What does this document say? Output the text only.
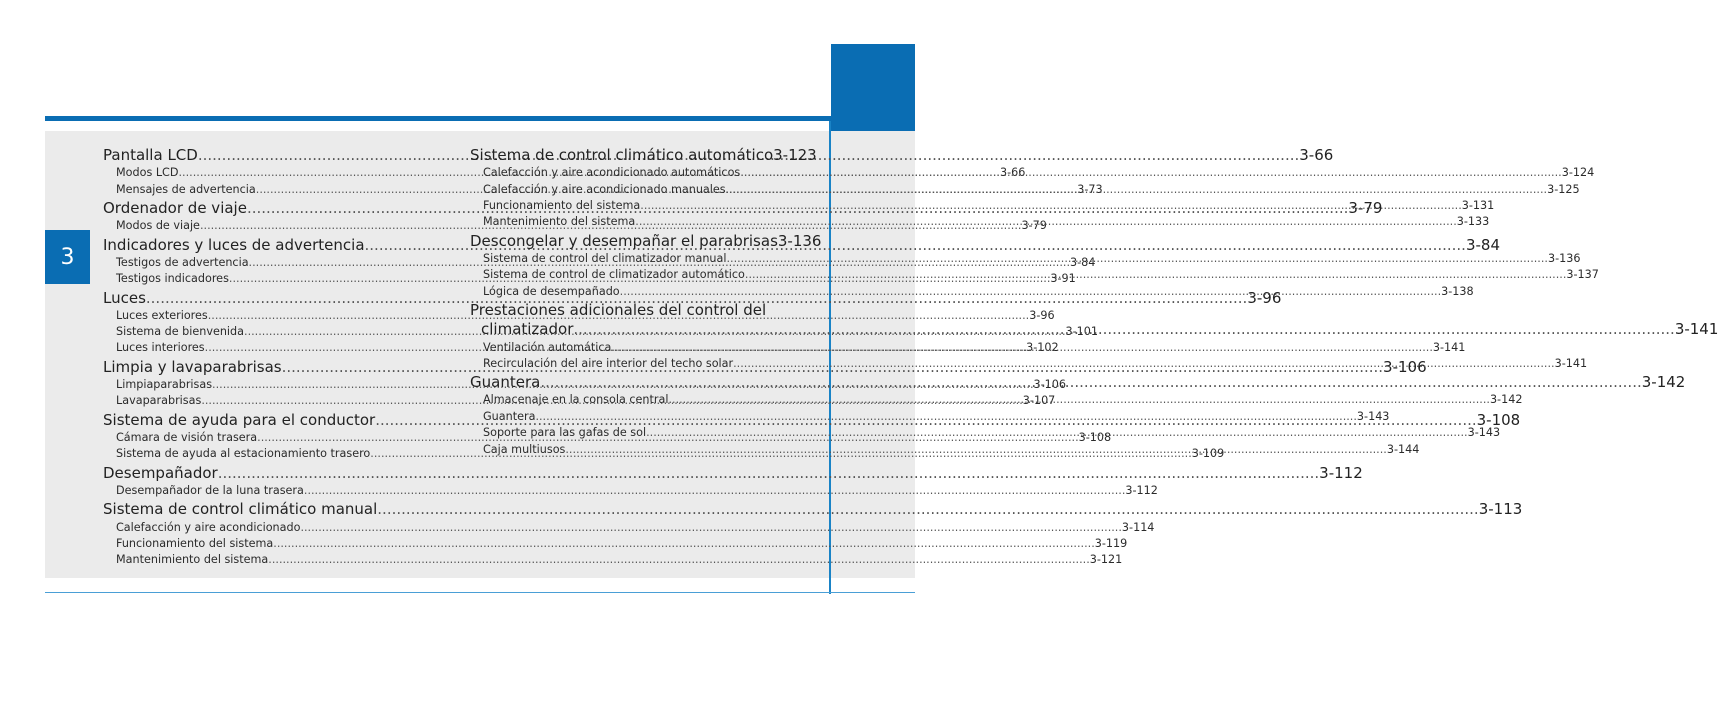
3
Pantalla LCD .....	3-66
Modos LCD .....	3-66
Mensajes de advertencia .....	3-73
Ordenador de viaje .....	3-79
Modos de viaje .....	3-79
Indicadores y luces de advertencia .....	3-84
Testigos de advertencia .....	3-84
Testigos indicadores .....	3-91
Luces .....	3-96
Luces exteriores .....	3-96
Sistema de bienvenida .....	3-101
Luces interiores .....	3-102
Limpia y lavaparabrisas .....	3-106
Limpiaparabrisas .....	3-106
Lavaparabrisas .....	3-107
Sistema de ayuda para el conductor .....	3-108
Cámara de visión trasera .....	3-108
Sistema de ayuda al estacionamiento trasero .....	3-109
Desempañador .....	3-112
Desempañador de la luna trasera .....	3-112
Sistema de control climático manual .....	3-113
Calefacción y aire acondicionado .....	3-114
Funcionamiento del sistema .....	3-119
Mantenimiento del sistema .....	3-121
Sistema de control climático automático 3-123
Calefacción y aire acondicionado automáticos .....	3-124
Calefacción y aire acondicionado manuales .....	3-125
Funcionamiento del sistema .....	3-131
Mantenimiento del sistema .....	3-133
Descongelar y desempañar el parabrisas 3-136
Sistema de control del climatizador manual .....	3-136
Sistema de control de climatizador automático .....	3-137
Lógica de desempañado .....	3-138
Prestaciones adicionales del control del
climatizador .....	3-141
Ventilación automática .....	3-141
Recirculación del aire interior del techo solar .....	3-141
Guantera .....	3-142
Almacenaje en la consola central .....	3-142
Guantera .....	3-143
Soporte para las gafas de sol .....	3-143
Caja multiusos .....	3-144
